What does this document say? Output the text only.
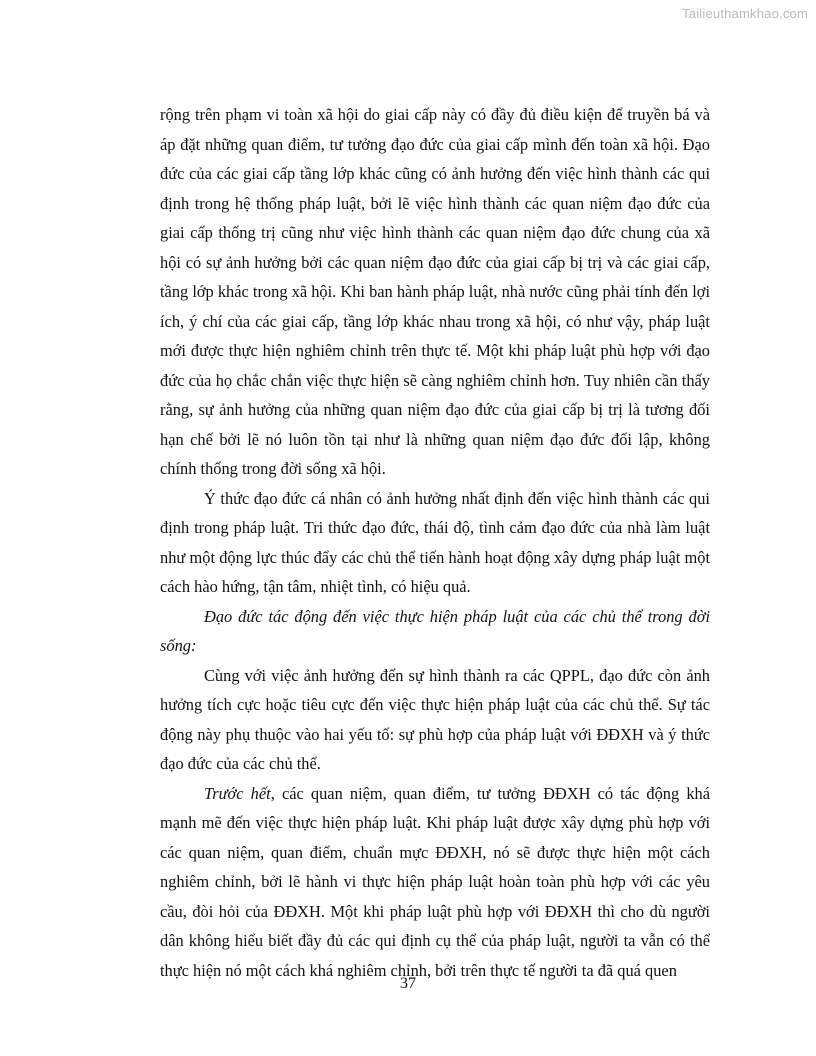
Tailieuthamkhao.com

rộng trên phạm vi toàn xã hội do giai cấp này có đầy đủ điều kiện để truyền bá và áp đặt những quan điểm, tư tưởng đạo đức của giai cấp mình đến toàn xã hội. Đạo đức của các giai cấp tầng lớp khác cũng có ảnh hưởng đến việc hình thành các qui định trong hệ thống pháp luật, bởi lẽ việc hình thành các quan niệm đạo đức của giai cấp thống trị cũng như việc hình thành các quan niệm đạo đức chung của xã hội có sự ảnh hưởng bởi các quan niệm đạo đức của giai cấp bị trị và các giai cấp, tầng lớp khác trong xã hội. Khi ban hành pháp luật, nhà nước cũng phải tính đến lợi ích, ý chí của các giai cấp, tầng lớp khác nhau trong xã hội, có như vậy, pháp luật mới được thực hiện nghiêm chỉnh trên thực tế. Một khi pháp luật phù hợp với đạo đức của họ chắc chắn việc thực hiện sẽ càng nghiêm chỉnh hơn. Tuy nhiên cần thấy rằng, sự ảnh hưởng của những quan niệm đạo đức của giai cấp bị trị là tương đối hạn chế bởi lẽ nó luôn tồn tại như là những quan niệm đạo đức đối lập, không chính thống trong đời sống xã hội.

Ý thức đạo đức cá nhân có ảnh hưởng nhất định đến việc hình thành các qui định trong pháp luật. Tri thức đạo đức, thái độ, tình cảm đạo đức của nhà làm luật như một động lực thúc đẩy các chủ thể tiến hành hoạt động xây dựng pháp luật một cách hào hứng, tận tâm, nhiệt tình, có hiệu quả.

Đạo đức tác động đến việc thực hiện pháp luật của các chủ thể trong đời sống:

Cùng với việc ảnh hưởng đến sự hình thành ra các QPPL, đạo đức còn ảnh hưởng tích cực hoặc tiêu cực đến việc thực hiện pháp luật của các chủ thể. Sự tác động này phụ thuộc vào hai yếu tố: sự phù hợp của pháp luật với ĐĐXH và ý thức đạo đức của các chủ thể.

Trước hết, các quan niệm, quan điểm, tư tưởng ĐĐXH có tác động khá mạnh mẽ đến việc thực hiện pháp luật. Khi pháp luật được xây dựng phù hợp với các quan niệm, quan điểm, chuẩn mực ĐĐXH, nó sẽ được thực hiện một cách nghiêm chỉnh, bởi lẽ hành vi thực hiện pháp luật hoàn toàn phù hợp với các yêu cầu, đòi hỏi của ĐĐXH. Một khi pháp luật phù hợp với ĐĐXH thì cho dù người dân không hiểu biết đầy đủ các qui định cụ thể của pháp luật, người ta vẫn có thể thực hiện nó một cách khá nghiêm chỉnh, bởi trên thực tế người ta đã quá quen

37
